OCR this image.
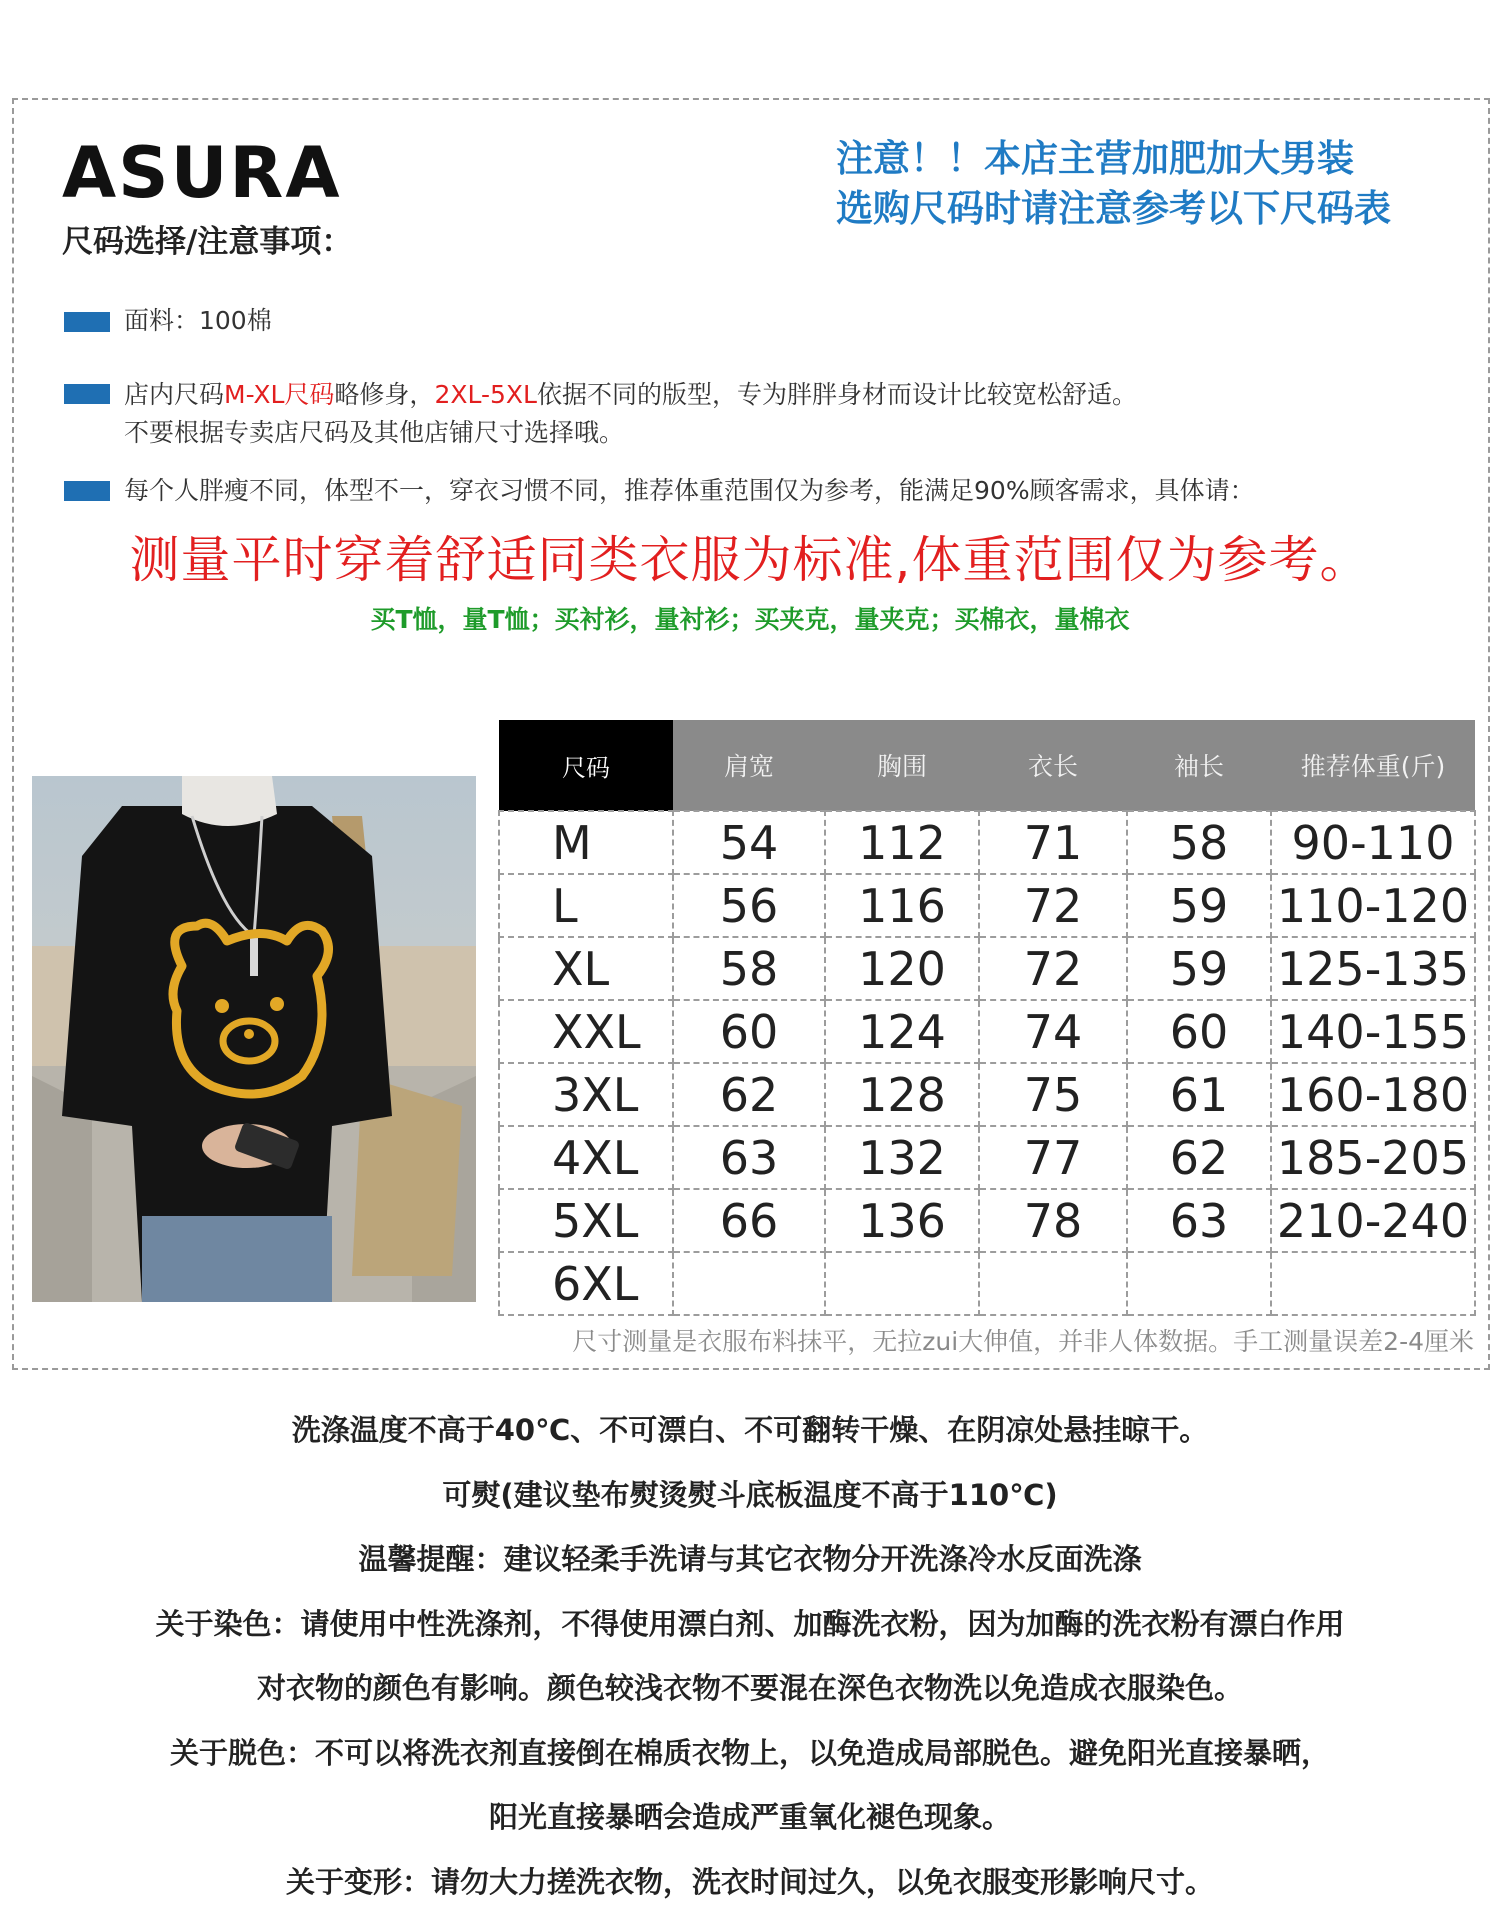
ASURA
尺码选择/注意事项：
注意！！本店主营加肥加大男装
选购尺码时请注意参考以下尺码表
面料：100棉
店内尺码M-XL尺码略修身，2XL-5XL依据不同的版型，专为胖胖身材而设计比较宽松舒适。
不要根据专卖店尺码及其他店铺尺寸选择哦。
每个人胖瘦不同，体型不一，穿衣习惯不同，推荐体重范围仅为参考，能满足90%顾客需求，具体请：
测量平时穿着舒适同类衣服为标准,体重范围仅为参考。
买T恤，量T恤；买衬衫，量衬衫；买夹克，量夹克；买棉衣，量棉衣
尺码	肩宽	胸围	衣长	袖长	推荐体重(斤)
M	54	112	71	58	90-110
L	56	116	72	59	110-120
XL	58	120	72	59	125-135
XXL	60	124	74	60	140-155
3XL	62	128	75	61	160-180
4XL	63	132	77	62	185-205
5XL	66	136	78	63	210-240
6XL					
尺寸测量是衣服布料抹平，无拉zui大伸值，并非人体数据。手工测量误差2-4厘米

洗涤温度不高于40℃、不可漂白、不可翻转干燥、在阴凉处悬挂晾干。

可熨(建议垫布熨烫熨斗底板温度不高于110℃)

温馨提醒：建议轻柔手洗请与其它衣物分开洗涤冷水反面洗涤

关于染色：请使用中性洗涤剂，不得使用漂白剂、加酶洗衣粉，因为加酶的洗衣粉有漂白作用

对衣物的颜色有影响。颜色较浅衣物不要混在深色衣物洗以免造成衣服染色。

关于脱色：不可以将洗衣剂直接倒在棉质衣物上，以免造成局部脱色。避免阳光直接暴晒，

阳光直接暴晒会造成严重氧化褪色现象。

关于变形：请勿大力搓洗衣物，洗衣时间过久，以免衣服变形影响尺寸。
